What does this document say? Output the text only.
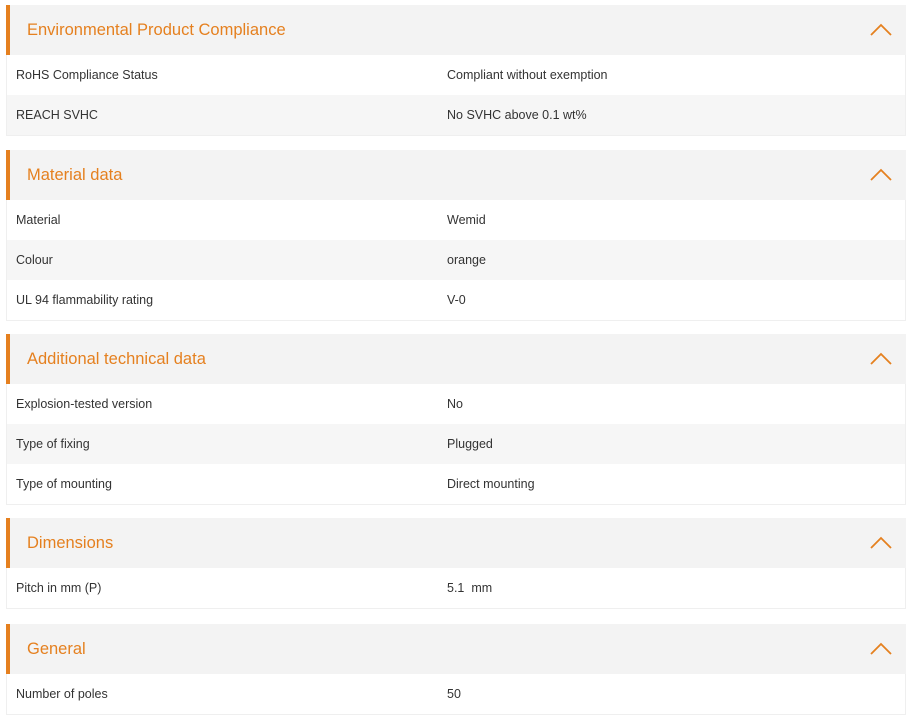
Environmental Product Compliance
RoHS Compliance Status	Compliant without exemption
REACH SVHC	No SVHC above 0.1 wt%
Material data
Material	Wemid
Colour	orange
UL 94 flammability rating	V-0
Additional technical data
Explosion-tested version	No
Type of fixing	Plugged
Type of mounting	Direct mounting
Dimensions
Pitch in mm (P)	5.1  mm
General
Number of poles	50
